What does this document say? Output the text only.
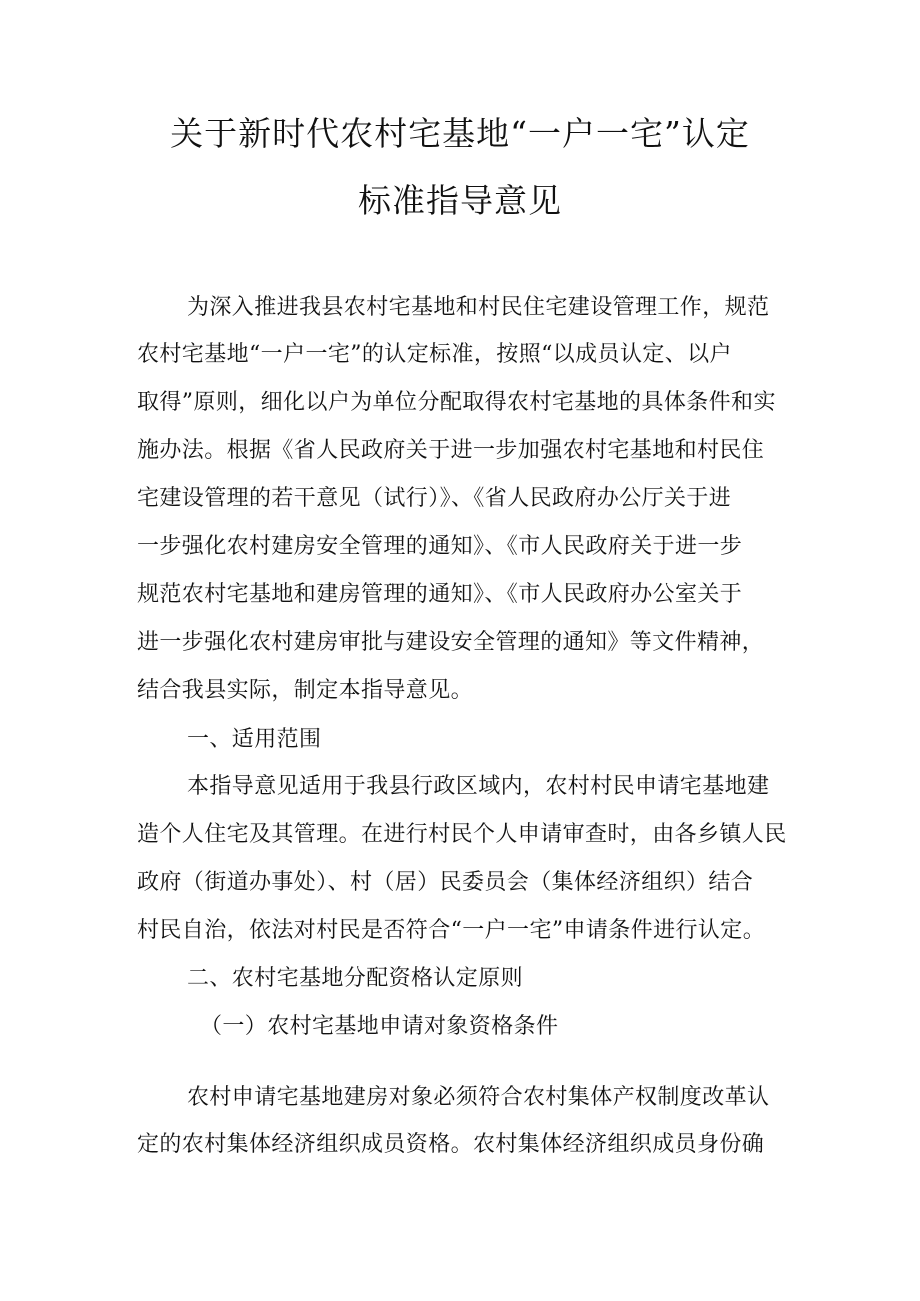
关于新时代农村宅基地“一户一宅”认定
标准指导意见
为深入推进我县农村宅基地和村民住宅建设管理工作，规范
农村宅基地“一户一宅”的认定标准，按照“以成员认定、以户
取得”原则，细化以户为单位分配取得农村宅基地的具体条件和实
施办法。根据《省人民政府关于进一步加强农村宅基地和村民住
宅建设管理的若干意见（试行）》、《省人民政府办公厅关于进
一步强化农村建房安全管理的通知》、《市人民政府关于进一步
规范农村宅基地和建房管理的通知》、《市人民政府办公室关于
进一步强化农村建房审批与建设安全管理的通知》等文件精神，
结合我县实际，制定本指导意见。
一、适用范围
本指导意见适用于我县行政区域内，农村村民申请宅基地建
造个人住宅及其管理。在进行村民个人申请审查时，由各乡镇人民
政府（街道办事处）、村（居）民委员会（集体经济组织）结合
村民自治，依法对村民是否符合“一户一宅”申请条件进行认定。
二、农村宅基地分配资格认定原则
（一）农村宅基地申请对象资格条件
农村申请宅基地建房对象必须符合农村集体产权制度改革认
定的农村集体经济组织成员资格。农村集体经济组织成员身份确
